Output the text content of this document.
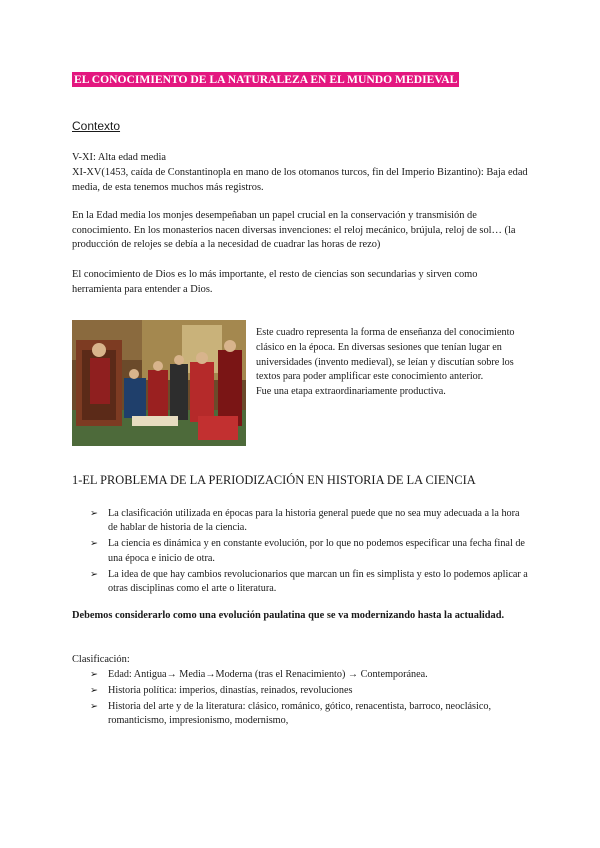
EL CONOCIMIENTO DE LA NATURALEZA EN EL MUNDO MEDIEVAL
Contexto

V-XI: Alta edad media

XI-XV(1453, caída de Constantinopla en mano de los otomanos turcos, fin del Imperio Bizantino): Baja edad media, de esta tenemos muchos más registros.

En la Edad media los monjes desempeñaban un papel crucial en la conservación y transmisión de conocimiento. En los monasterios nacen diversas invenciones: el reloj mecánico, brújula, reloj de sol… (la producción de relojes se debía a la necesidad de cuadrar las horas de rezo)

El conocimiento de Dios es lo más importante, el resto de ciencias son secundarias y sirven como herramienta para entender a Dios.

Este cuadro representa la forma de enseñanza del conocimiento clásico en la época. En diversas sesiones que tenían lugar en universidades (invento medieval), se leían y discutían sobre los textos para poder amplificar este conocimiento anterior.
Fue una etapa extraordinariamente productiva.

1-EL PROBLEMA DE LA PERIODIZACIÓN EN HISTORIA DE LA CIENCIA
➢ La clasificación utilizada en épocas para la historia general puede que no sea muy adecuada a la hora de hablar de historia de la ciencia.
➢ La ciencia es dinámica y en constante evolución, por lo que no podemos especificar una fecha final de una época e inicio de otra.
➢ La idea de que hay cambios revolucionarios que marcan un fin es simplista y esto lo podemos aplicar a otras disciplinas como el arte o literatura.

Debemos considerarlo como una evolución paulatina que se va modernizando hasta la actualidad.

Clasificación:
➢ Edad: Antigua→ Media→Moderna (tras el Renacimiento) → Contemporánea.
➢ Historia política: imperios, dinastías, reinados, revoluciones
➢ Historia del arte y de la literatura: clásico, románico, gótico, renacentista, barroco, neoclásico, romanticismo, impresionismo, modernismo,
